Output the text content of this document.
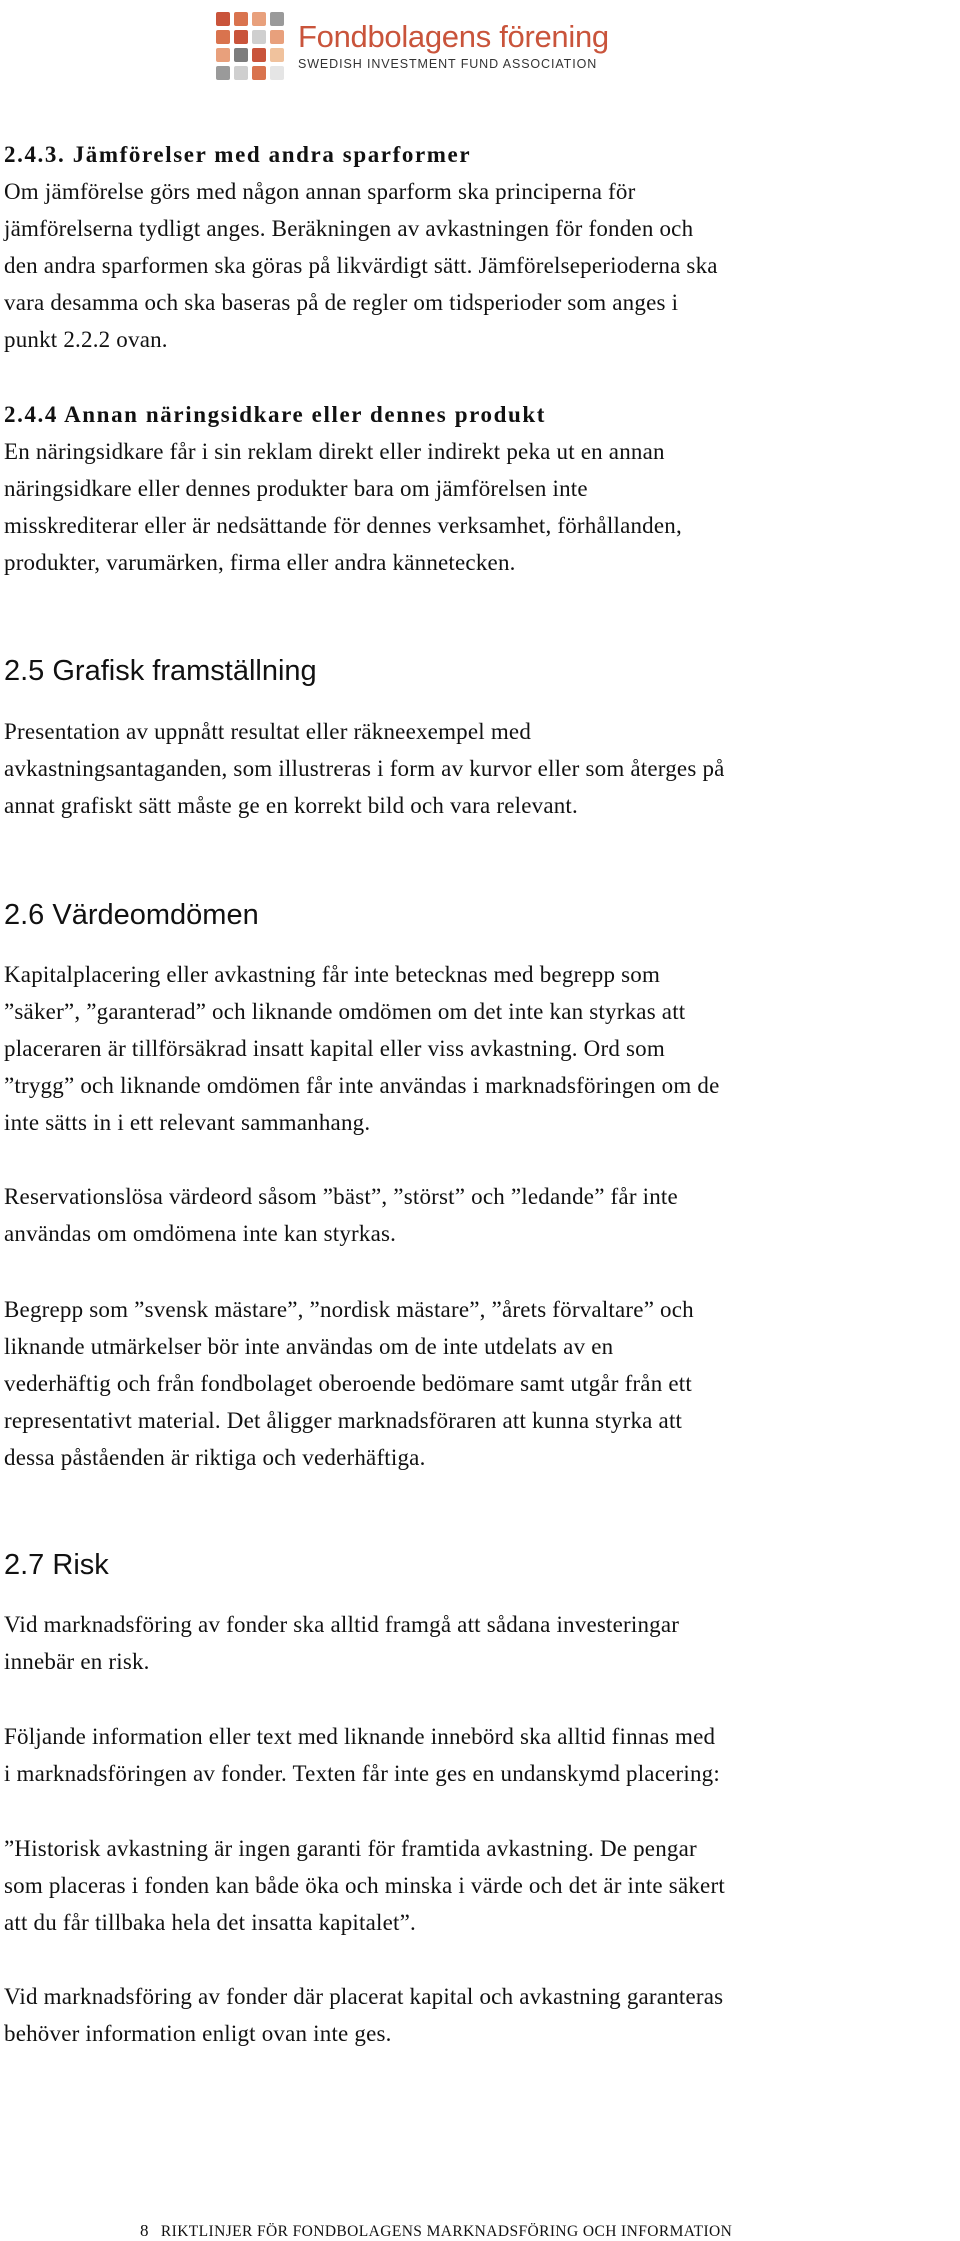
Fondbolagens förening
SWEDISH INVESTMENT FUND ASSOCIATION
2.4.3. Jämförelser med andra sparformer

Om jämförelse görs med någon annan sparform ska principerna för
jämförelserna tydligt anges. Beräkningen av avkastningen för fonden och
den andra sparformen ska göras på likvärdigt sätt. Jämförelseperioderna ska
vara desamma och ska baseras på de regler om tidsperioder som anges i
punkt 2.2.2 ovan.

2.4.4 Annan näringsidkare eller dennes produkt

En näringsidkare får i sin reklam direkt eller indirekt peka ut en annan
näringsidkare eller dennes produkter bara om jämförelsen inte
misskrediterar eller är nedsättande för dennes verksamhet, förhållanden,
produkter, varumärken, firma eller andra kännetecken.

2.5 Grafisk framställning

Presentation av uppnått resultat eller räkneexempel med
avkastningsantaganden, som illustreras i form av kurvor eller som återges på
annat grafiskt sätt måste ge en korrekt bild och vara relevant.

2.6 Värdeomdömen

Kapitalplacering eller avkastning får inte betecknas med begrepp som
”säker”, ”garanterad” och liknande omdömen om det inte kan styrkas att
placeraren är tillförsäkrad insatt kapital eller viss avkastning. Ord som
”trygg” och liknande omdömen får inte användas i marknadsföringen om de
inte sätts in i ett relevant sammanhang.

Reservationslösa värdeord såsom ”bäst”, ”störst” och ”ledande” får inte
användas om omdömena inte kan styrkas.

Begrepp som ”svensk mästare”, ”nordisk mästare”, ”årets förvaltare” och
liknande utmärkelser bör inte användas om de inte utdelats av en
vederhäftig och från fondbolaget oberoende bedömare samt utgår från ett
representativt material. Det åligger marknadsföraren att kunna styrka att
dessa påståenden är riktiga och vederhäftiga.

2.7 Risk

Vid marknadsföring av fonder ska alltid framgå att sådana investeringar
innebär en risk.

Följande information eller text med liknande innebörd ska alltid finnas med
i marknadsföringen av fonder. Texten får inte ges en undanskymd placering:

”Historisk avkastning är ingen garanti för framtida avkastning. De pengar
som placeras i fonden kan både öka och minska i värde och det är inte säkert
att du får tillbaka hela det insatta kapitalet”.

Vid marknadsföring av fonder där placerat kapital och avkastning garanteras
behöver information enligt ovan inte ges.

8 RIKTLINJER FÖR FONDBOLAGENS MARKNADSFÖRING OCH INFORMATION
